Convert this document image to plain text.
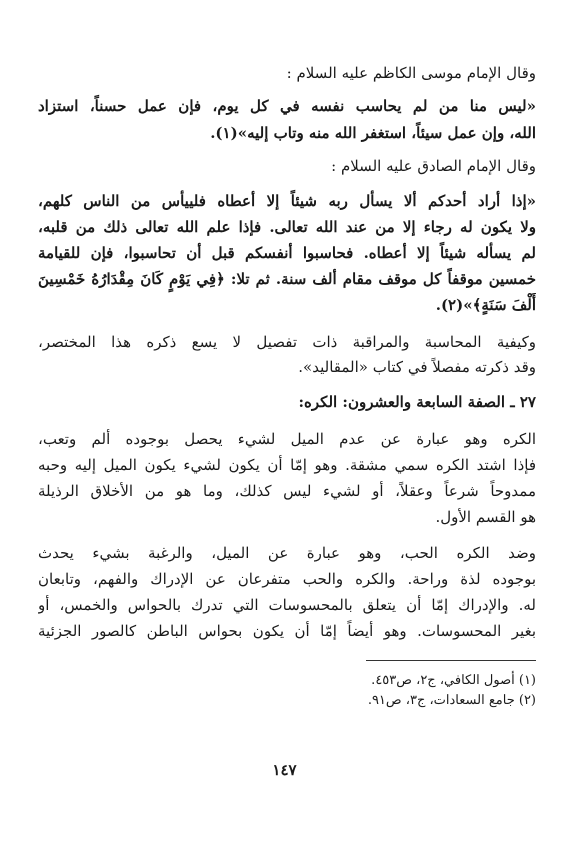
وقال الإمام موسى الكاظم عليه السلام :
«ليس منا من لم يحاسب نفسه في كل يوم، فإن عمل حسناً، استزاد
الله، وإن عمل سيئاً، استغفر الله منه وتاب إليه»(١).
وقال الإمام الصادق عليه السلام :
«إذا أراد أحدكم ألا يسأل ربه شيئاً إلا أعطاه فلييأس من الناس كلهم،
ولا يكون له رجاء إلا من عند الله تعالى. فإذا علم الله تعالى ذلك من قلبه،
لم يسأله شيئاً إلا أعطاه. فحاسبوا أنفسكم قبل أن تحاسبوا، فإن للقيامة
خمسين موقفاً كل موقف مقام ألف سنة. ثم تلا: ﴿فِي يَوْمٍ كَانَ مِقْدَارُهُ خَمْسِينَ
أَلْفَ سَنَةٍ﴾»(٢).
وكيفية المحاسبة والمراقبة ذات تفصيل لا يسع ذكره هذا المختصر،
وقد ذكرته مفصلاً في كتاب «المقاليد».
٢٧ ـ الصفة السابعة والعشرون: الكره:
الكره وهو عبارة عن عدم الميل لشيء يحصل بوجوده ألم وتعب،
فإذا اشتد الكره سمي مشقة. وهو إمّا أن يكون لشيء يكون الميل إليه وحبه
ممدوحاً شرعاً وعقلاً، أو لشيء ليس كذلك، وما هو من الأخلاق الرذيلة
هو القسم الأول.
وضد الكره الحب، وهو عبارة عن الميل، والرغبة بشيء يحدث
بوجوده لذة وراحة. والكره والحب متفرعان عن الإدراك والفهم، وتابعان
له. والإدراك إمّا أن يتعلق بالمحسوسات التي تدرك بالحواس والخمس، أو
بغير المحسوسات. وهو أيضاً إمّا أن يكون بحواس الباطن كالصور الجزئية
(١) أصول الكافي، ج٢، ص٤٥٣.
(٢) جامع السعادات، ج٣، ص٩١.
١٤٧
